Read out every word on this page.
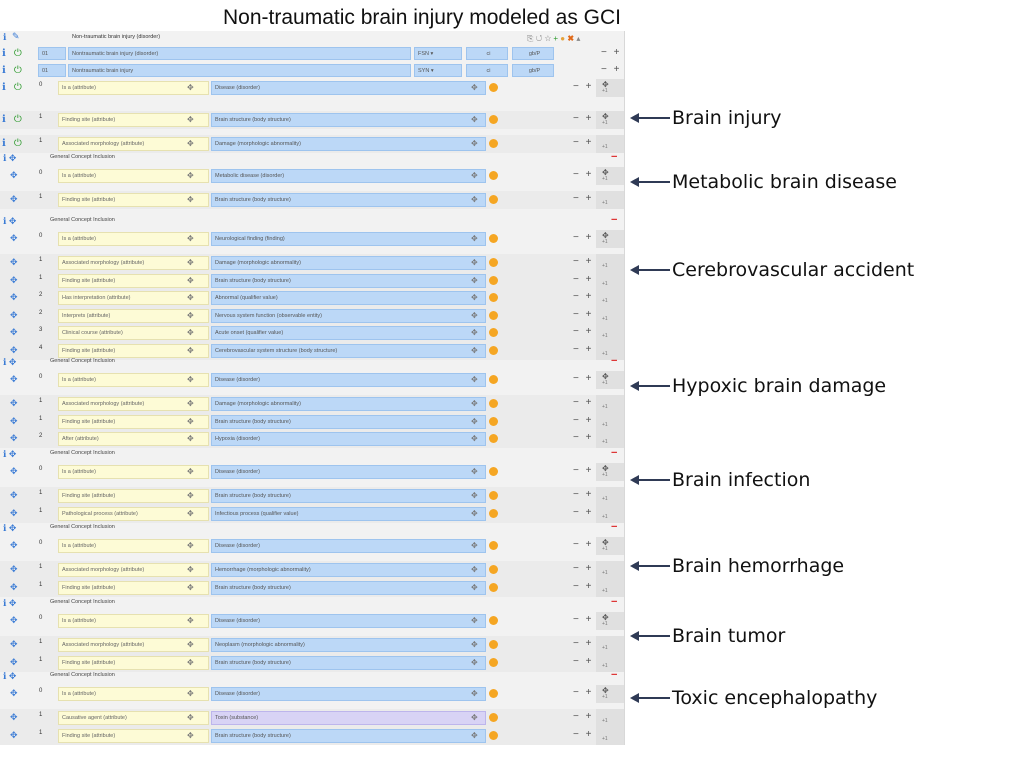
Non-traumatic brain injury modeled as GCI
ℹ ✎	Non-traumatic brain injury (disorder)	⎘ ↺ ☆ + ● ✖ ▴
ℹ ⏻	01	Nontraumatic brain injury (disorder)	FSN ▾	ci	gb/P	− +
ℹ ⏻	01	Nontraumatic brain injury	SYN ▾	ci	gb/P	− +
ℹ ⏻	0	Is a (attribute)	✥	Disease (disorder)	✥	− + ✥
+1
ℹ ⏻	1	Finding site (attribute)	✥	Brain structure (body structure)	✥	− + ✥
+1
ℹ ⏻	1	Associated morphology (attribute)	✥	Damage (morphologic abnormality)	✥	− + +1
ℹ ✥	General Concept Inclusion	−
✥	0	Is a (attribute)	✥	Metabolic disease (disorder)	✥	− + ✥
+1
✥	1	Finding site (attribute)	✥	Brain structure (body structure)	✥	− + +1
ℹ ✥	General Concept Inclusion	−
✥	0	Is a (attribute)	✥	Neurological finding (finding)	✥	− + ✥
+1
✥	1	Associated morphology (attribute)	✥	Damage (morphologic abnormality)	✥	− + +1
✥	1	Finding site (attribute)	✥	Brain structure (body structure)	✥	− + +1
✥	2	Has interpretation (attribute)	✥	Abnormal (qualifier value)	✥	− + +1
✥	2	Interprets (attribute)	✥	Nervous system function (observable entity)	✥	− + +1
✥	3	Clinical course (attribute)	✥	Acute onset (qualifier value)	✥	− + +1
✥	4	Finding site (attribute)	✥	Cerebrovascular system structure (body structure)	✥	− + +1
ℹ ✥	General Concept Inclusion	−
✥	0	Is a (attribute)	✥	Disease (disorder)	✥	− + ✥
+1
✥	1	Associated morphology (attribute)	✥	Damage (morphologic abnormality)	✥	− + +1
✥	1	Finding site (attribute)	✥	Brain structure (body structure)	✥	− + +1
✥	2	After (attribute)	✥	Hypoxia (disorder)	✥	− + +1
ℹ ✥	General Concept Inclusion	−
✥	0	Is a (attribute)	✥	Disease (disorder)	✥	− + ✥
+1
✥	1	Finding site (attribute)	✥	Brain structure (body structure)	✥	− + +1
✥	1	Pathological process (attribute)	✥	Infectious process (qualifier value)	✥	− + +1
ℹ ✥	General Concept Inclusion	−
✥	0	Is a (attribute)	✥	Disease (disorder)	✥	− + ✥
+1
✥	1	Associated morphology (attribute)	✥	Hemorrhage (morphologic abnormality)	✥	− + +1
✥	1	Finding site (attribute)	✥	Brain structure (body structure)	✥	− + +1
ℹ ✥	General Concept Inclusion	−
✥	0	Is a (attribute)	✥	Disease (disorder)	✥	− + ✥
+1
✥	1	Associated morphology (attribute)	✥	Neoplasm (morphologic abnormality)	✥	− + +1
✥	1	Finding site (attribute)	✥	Brain structure (body structure)	✥	− + +1
ℹ ✥	General Concept Inclusion	−
✥	0	Is a (attribute)	✥	Disease (disorder)	✥	− + ✥
+1
✥	1	Causative agent (attribute)	✥	Toxin (substance)	✥	− + +1
✥	1	Finding site (attribute)	✥	Brain structure (body structure)	✥	− + +1
Brain injury
Metabolic brain disease
Cerebrovascular accident
Hypoxic brain damage
Brain infection
Brain hemorrhage
Brain tumor
Toxic encephalopathy
